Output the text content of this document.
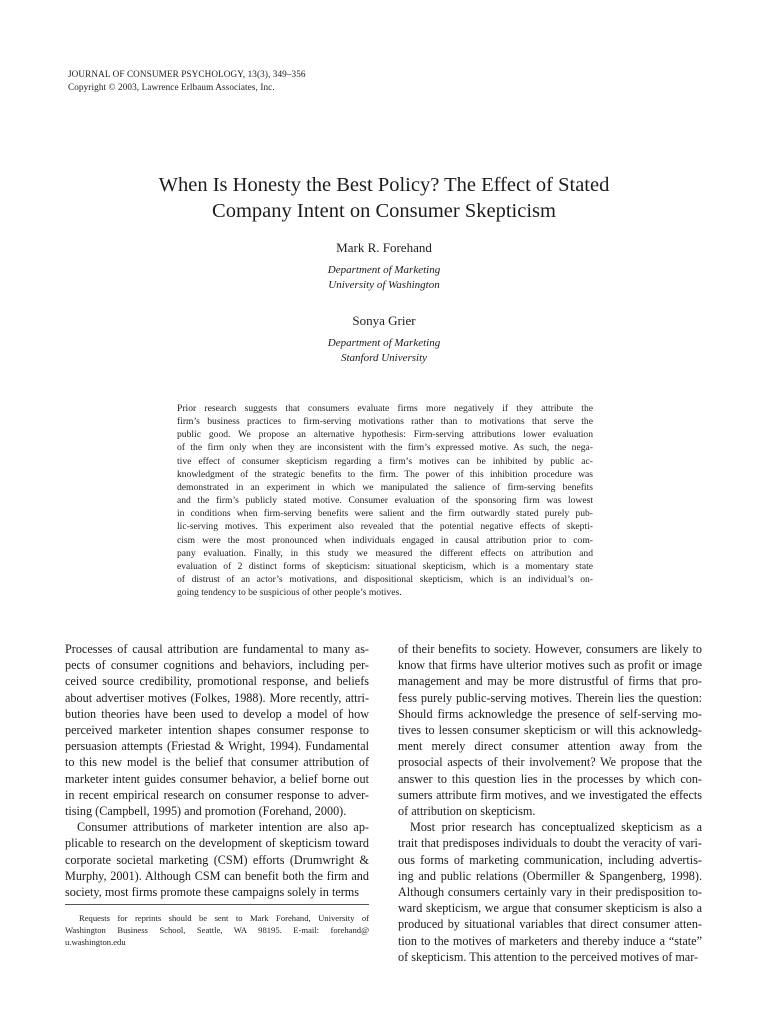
JOURNAL OF CONSUMER PSYCHOLOGY, 13(3), 349–356
Copyright © 2003, Lawrence Erlbaum Associates, Inc.
When Is Honesty the Best Policy? The Effect of Stated
Company Intent on Consumer Skepticism
Mark R. Forehand
Department of Marketing
University of Washington
Sonya Grier
Department of Marketing
Stanford University
Prior research suggests that consumers evaluate firms more negatively if they attribute the
firm’s business practices to firm-serving motivations rather than to motivations that serve the
public good. We propose an alternative hypothesis: Firm-serving attributions lower evaluation
of the firm only when they are inconsistent with the firm’s expressed motive. As such, the nega-
tive effect of consumer skepticism regarding a firm’s motives can be inhibited by public ac-
knowledgment of the strategic benefits to the firm. The power of this inhibition procedure was
demonstrated in an experiment in which we manipulated the salience of firm-serving benefits
and the firm’s publicly stated motive. Consumer evaluation of the sponsoring firm was lowest
in conditions when firm-serving benefits were salient and the firm outwardly stated purely pub-
lic-serving motives. This experiment also revealed that the potential negative effects of skepti-
cism were the most pronounced when individuals engaged in causal attribution prior to com-
pany evaluation. Finally, in this study we measured the different effects on attribution and
evaluation of 2 distinct forms of skepticism: situational skepticism, which is a momentary state
of distrust of an actor’s motivations, and dispositional skepticism, which is an individual’s on-
going tendency to be suspicious of other people’s motives.
Processes of causal attribution are fundamental to many as-
pects of consumer cognitions and behaviors, including per-
ceived source credibility, promotional response, and beliefs
about advertiser motives (Folkes, 1988). More recently, attri-
bution theories have been used to develop a model of how
perceived marketer intention shapes consumer response to
persuasion attempts (Friestad & Wright, 1994). Fundamental
to this new model is the belief that consumer attribution of
marketer intent guides consumer behavior, a belief borne out
in recent empirical research on consumer response to adver-
tising (Campbell, 1995) and promotion (Forehand, 2000).
Consumer attributions of marketer intention are also ap-
plicable to research on the development of skepticism toward
corporate societal marketing (CSM) efforts (Drumwright &
Murphy, 2001). Although CSM can benefit both the firm and
society, most firms promote these campaigns solely in terms
of their benefits to society. However, consumers are likely to
know that firms have ulterior motives such as profit or image
management and may be more distrustful of firms that pro-
fess purely public-serving motives. Therein lies the question:
Should firms acknowledge the presence of self-serving mo-
tives to lessen consumer skepticism or will this acknowledg-
ment merely direct consumer attention away from the
prosocial aspects of their involvement? We propose that the
answer to this question lies in the processes by which con-
sumers attribute firm motives, and we investigated the effects
of attribution on skepticism.
Most prior research has conceptualized skepticism as a
trait that predisposes individuals to doubt the veracity of vari-
ous forms of marketing communication, including advertis-
ing and public relations (Obermiller & Spangenberg, 1998).
Although consumers certainly vary in their predisposition to-
ward skepticism, we argue that consumer skepticism is also a
produced by situational variables that direct consumer atten-
tion to the motives of marketers and thereby induce a “state”
of skepticism. This attention to the perceived motives of mar-
Requests for reprints should be sent to Mark Forehand, University of
Washington Business School, Seattle, WA 98195. E-mail: forehand@
u.washington.edu
